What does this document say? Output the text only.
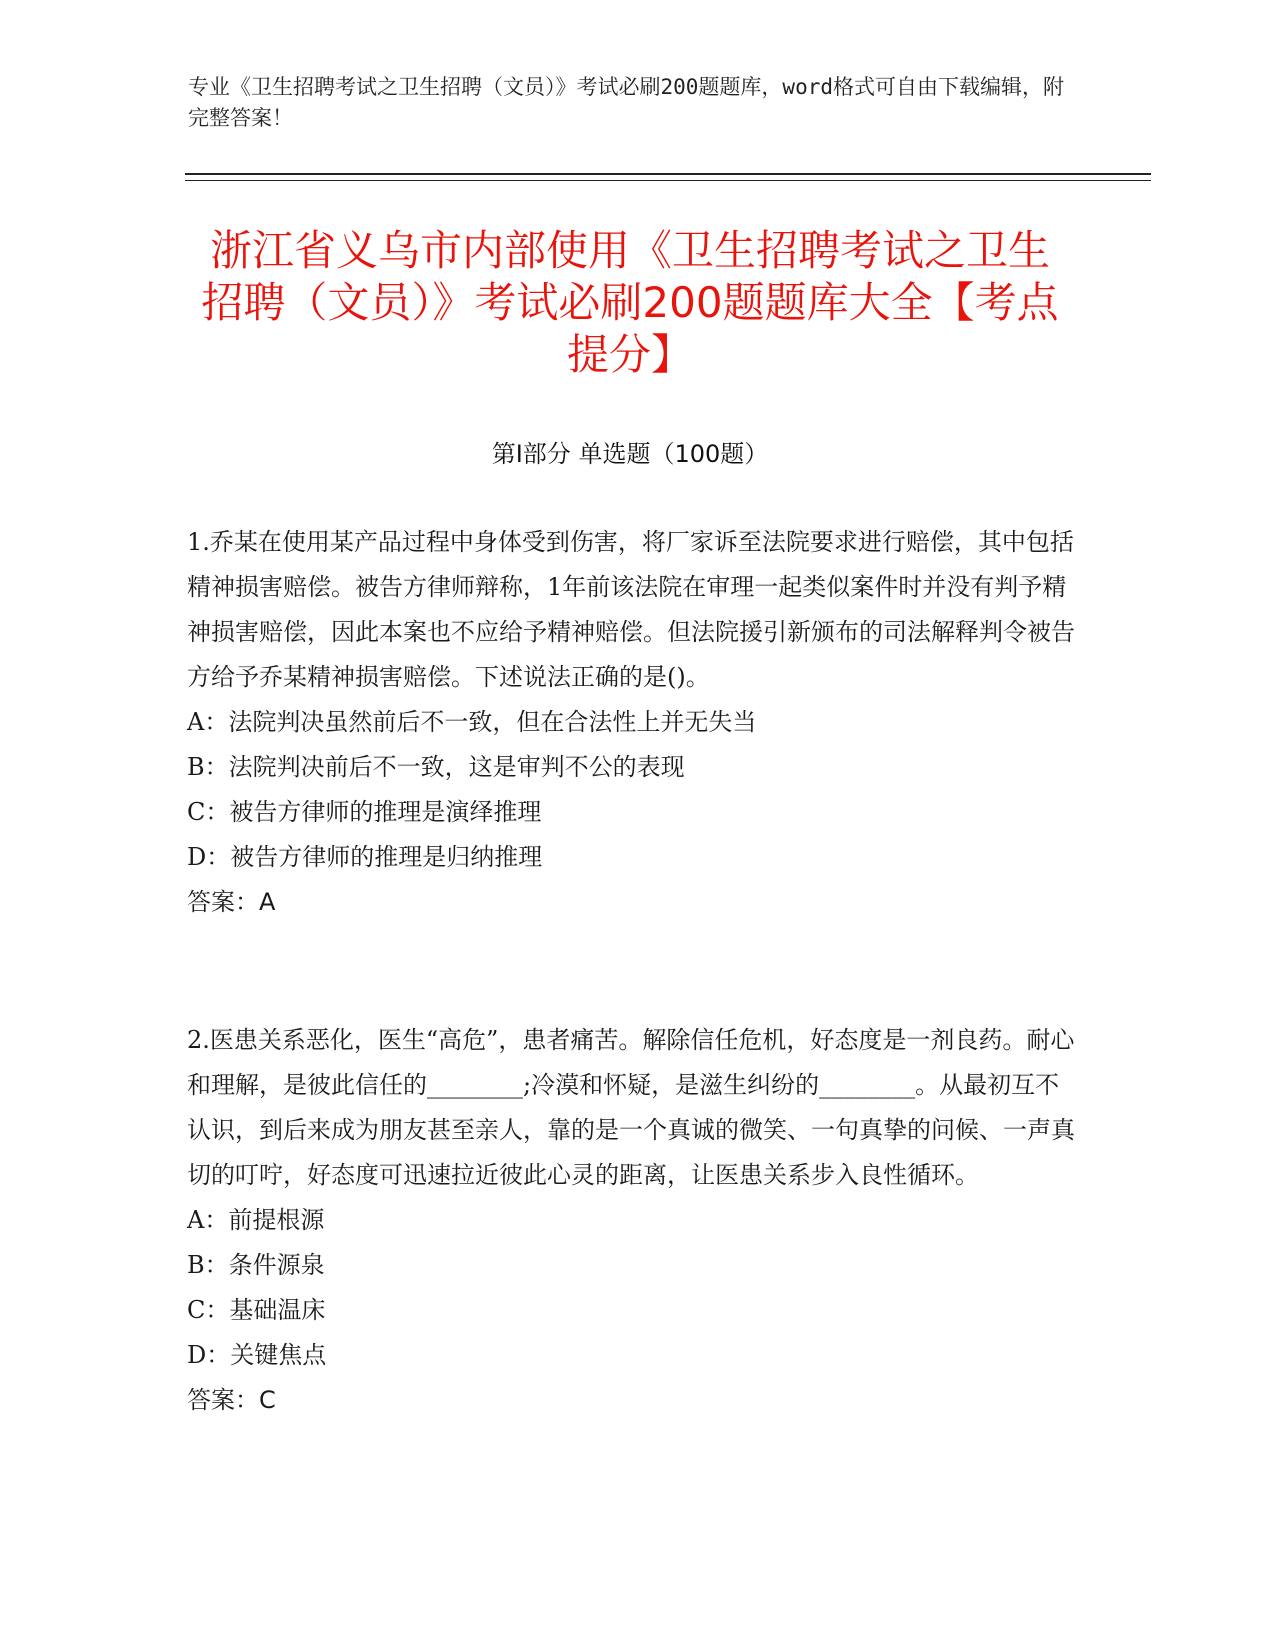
专业《卫生招聘考试之卫生招聘（文员）》考试必刷200题题库，word格式可自由下载编辑，附完整答案！
浙江省义乌市内部使用《卫生招聘考试之卫生招聘（文员）》考试必刷200题题库大全【考点提分】
第Ⅰ部分 单选题（100题）

1.乔某在使用某产品过程中身体受到伤害，将厂家诉至法院要求进行赔偿，其中包括精神损害赔偿。被告方律师辩称，1年前该法院在审理一起类似案件时并没有判予精神损害赔偿，因此本案也不应给予精神赔偿。但法院援引新颁布的司法解释判令被告方给予乔某精神损害赔偿。下述说法正确的是()。

A：法院判决虽然前后不一致，但在合法性上并无失当

B：法院判决前后不一致，这是审判不公的表现

C：被告方律师的推理是演绎推理

D：被告方律师的推理是归纳推理

答案：A

2.医患关系恶化，医生“高危”，患者痛苦。解除信任危机，好态度是一剂良药。耐心和理解，是彼此信任的________;冷漠和怀疑，是滋生纠纷的________。从最初互不认识，到后来成为朋友甚至亲人，靠的是一个真诚的微笑、一句真挚的问候、一声真切的叮咛，好态度可迅速拉近彼此心灵的距离，让医患关系步入良性循环。

A：前提根源

B：条件源泉

C：基础温床

D：关键焦点

答案：C
